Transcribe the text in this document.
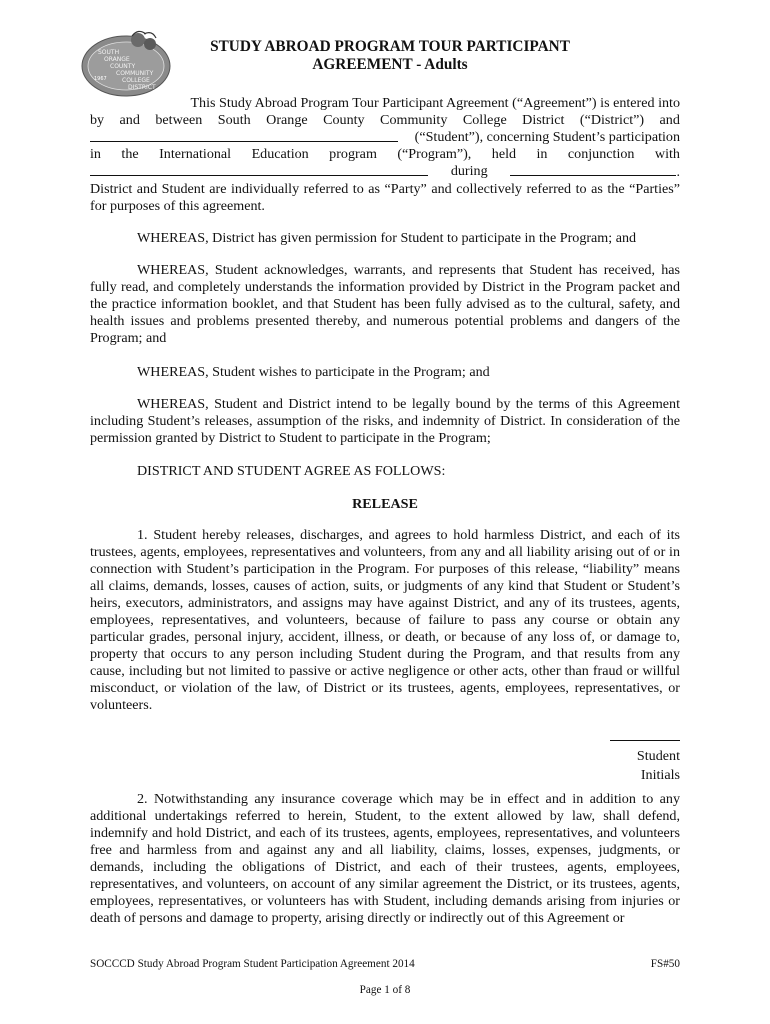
SOUTH
ORANGE
COUNTY
COMMUNITY
COLLEGE
DISTRICT
1967
STUDY ABROAD PROGRAM TOUR PARTICIPANT
AGREEMENT - Adults
This Study Abroad Program Tour Participant Agreement (“Agreement”) is entered into
by and between South Orange County Community College District (“District”) and
(“Student”), concerning Student’s participation
in the International Education program (“Program”), held in conjunction with
during	.

District and Student are individually referred to as “Party” and collectively referred to as the “Parties” for purposes of this agreement.

WHEREAS, District has given permission for Student to participate in the Program; and

WHEREAS, Student acknowledges, warrants, and represents that Student has received, has fully read, and completely understands the information provided by District in the Program packet and the practice information booklet, and that Student has been fully advised as to the cultural, safety, and health issues and problems presented thereby, and numerous potential problems and dangers of the Program; and

WHEREAS, Student wishes to participate in the Program; and

WHEREAS, Student and District intend to be legally bound by the terms of this Agreement including Student’s releases, assumption of the risks, and indemnity of District. In consideration of the permission granted by District to Student to participate in the Program;

DISTRICT AND STUDENT AGREE AS FOLLOWS:

RELEASE

1. Student hereby releases, discharges, and agrees to hold harmless District, and each of its trustees, agents, employees, representatives and volunteers, from any and all liability arising out of or in connection with Student’s participation in the Program. For purposes of this release, “liability” means all claims, demands, losses, causes of action, suits, or judgments of any kind that Student or Student’s heirs, executors, administrators, and assigns may have against District, and any of its trustees, agents, employees, representatives, and volunteers, because of failure to pass any course or obtain any particular grades, personal injury, accident, illness, or death, or because of any loss of, or damage to, property that occurs to any person including Student during the Program, and that results from any cause, including but not limited to passive or active negligence or other acts, other than fraud or willful misconduct, or violation of the law, of District or its trustees, agents, employees, representatives, or volunteers.

Student
Initials

2. Notwithstanding any insurance coverage which may be in effect and in addition to any additional undertakings referred to herein, Student, to the extent allowed by law, shall defend, indemnify and hold District, and each of its trustees, agents, employees, representatives, and volunteers free and harmless from and against any and all liability, claims, losses, expenses, judgments, or demands, including the obligations of District, and each of their trustees, agents, employees, representatives, and volunteers, on account of any similar agreement the District, or its trustees, agents, employees, representatives, or volunteers has with Student, including demands arising from injuries or death of persons and damage to property, arising directly or indirectly out of this Agreement or

SOCCCD Study Abroad Program Student Participation Agreement 2014	FS#50
Page 1 of 8
